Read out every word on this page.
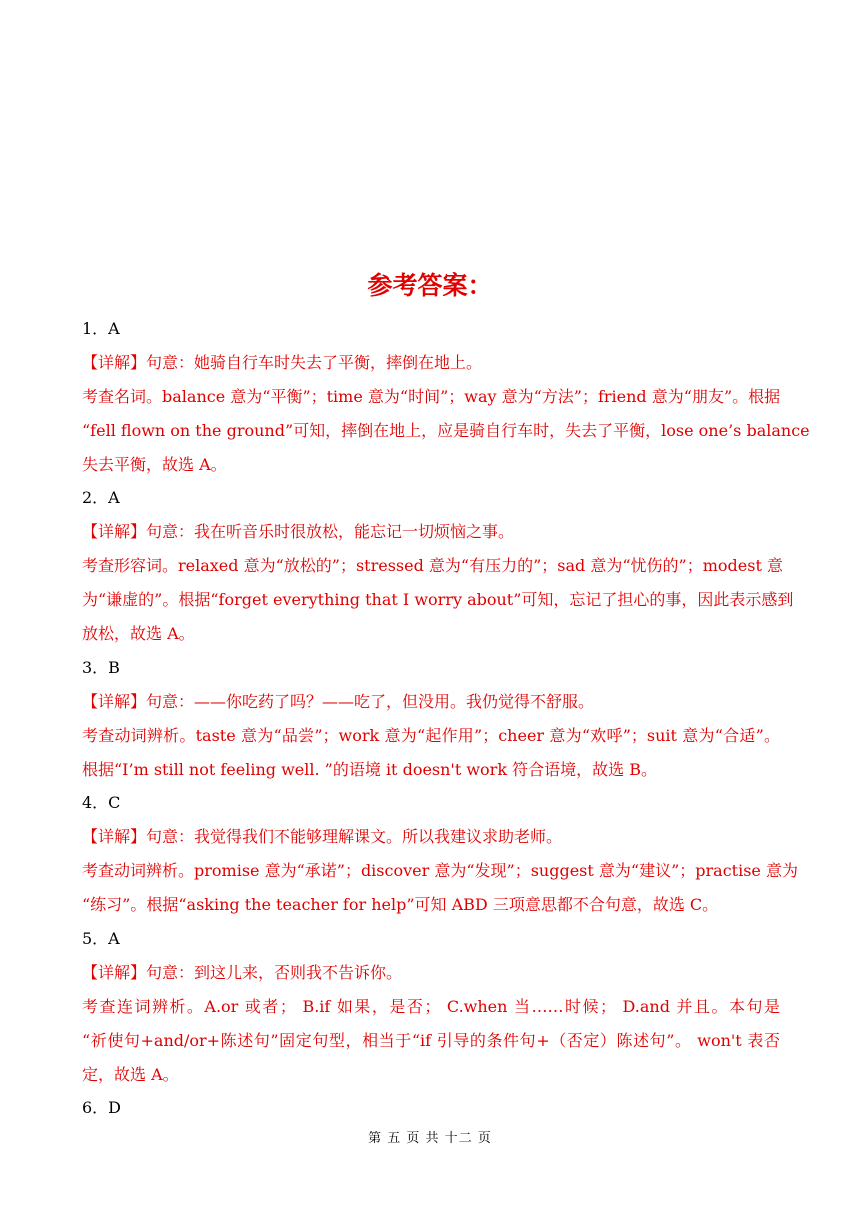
参考答案：
1．A
【详解】句意：她骑自行车时失去了平衡，摔倒在地上。
考查名词。balance 意为“平衡”；time 意为“时间”；way 意为“方法”；friend 意为“朋友”。根据
“fell flown on the ground”可知，摔倒在地上，应是骑自行车时，失去了平衡，lose one’s balance
失去平衡，故选 A。
2．A
【详解】句意：我在听音乐时很放松，能忘记一切烦恼之事。
考查形容词。relaxed 意为“放松的”；stressed 意为“有压力的”；sad 意为“忧伤的”；modest 意
为“谦虚的”。根据“forget everything that I worry about”可知，忘记了担心的事，因此表示感到
放松，故选 A。
3．B
【详解】句意：——你吃药了吗？——吃了，但没用。我仍觉得不舒服。
考查动词辨析。taste 意为“品尝”；work 意为“起作用”；cheer 意为“欢呼”；suit 意为“合适”。
根据“I’m still not feeling well. ”的语境 it doesn't work 符合语境，故选 B。
4．C
【详解】句意：我觉得我们不能够理解课文。所以我建议求助老师。
考查动词辨析。promise 意为“承诺”；discover 意为“发现”；suggest 意为“建议”；practise 意为
“练习”。根据“asking the teacher for help”可知 ABD 三项意思都不合句意，故选 C。
5．A
【详解】句意：到这儿来，否则我不告诉你。
考查连词辨析。A.or 或者； B.if 如果，是否； C.when 当……时候； D.and 并且。本句是
“祈使句+and/or+陈述句”固定句型，相当于“if 引导的条件句+（否定）陈述句”。 won't 表否
定，故选 A。
6．D
第 五 页 共 十二 页
